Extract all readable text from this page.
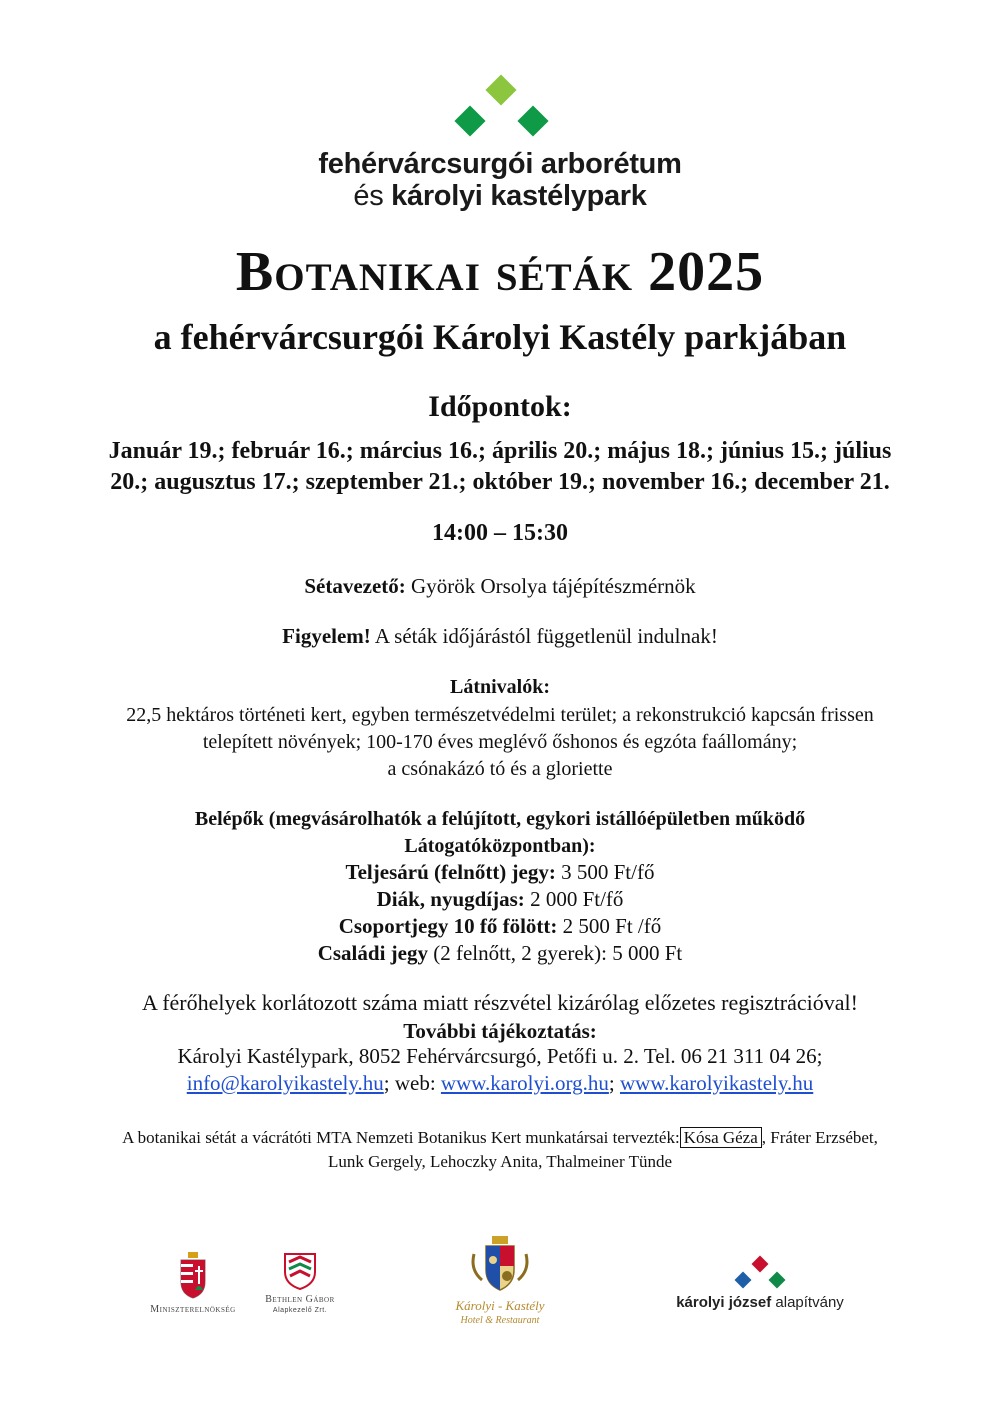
fehérvárcsurgói arborétum
és károlyi kastélypark
Botanikai séták 2025
a fehérvárcsurgói Károlyi Kastély parkjában
Időpontok:
Január 19.; február 16.; március 16.; április 20.; május 18.; június 15.; július
20.; augusztus 17.; szeptember 21.; október 19.; november 16.; december 21.
14:00 – 15:30
Sétavezető: Györök Orsolya tájépítészmérnök
Figyelem! A séták időjárástól függetlenül indulnak!
Látnivalók:
22,5 hektáros történeti kert, egyben természetvédelmi terület; a rekonstrukció kapcsán frissen
telepített növények; 100-170 éves meglévő őshonos és egzóta faállomány;
a csónakázó tó és a gloriette
Belépők (megvásárolhatók a felújított, egykori istállóépületben működő
Látogatóközpontban):
Teljesárú (felnőtt) jegy: 3 500 Ft/fő
Diák, nyugdíjas: 2 000 Ft/fő
Csoportjegy 10 fő fölött: 2 500 Ft /fő
Családi jegy (2 felnőtt, 2 gyerek): 5 000 Ft
A férőhelyek korlátozott száma miatt részvétel kizárólag előzetes regisztrációval!
További tájékoztatás:
Károlyi Kastélypark, 8052 Fehérvárcsurgó, Petőfi u. 2. Tel. 06 21 311 04 26;
info@karolyikastely.hu; web: www.karolyi.org.hu; www.karolyikastely.hu
A botanikai sétát a vácrátóti MTA Nemzeti Botanikus Kert munkatársai tervezték: Kósa Géza , Fráter Erzsébet,
Lunk Gergely, Lehoczky Anita, Thalmeiner Tünde
Miniszterelnökség
Bethlen Gábor
Alapkezelő Zrt.	Károlyi - Kastély
Hotel & Restaurant
károlyi józsef alapítvány
